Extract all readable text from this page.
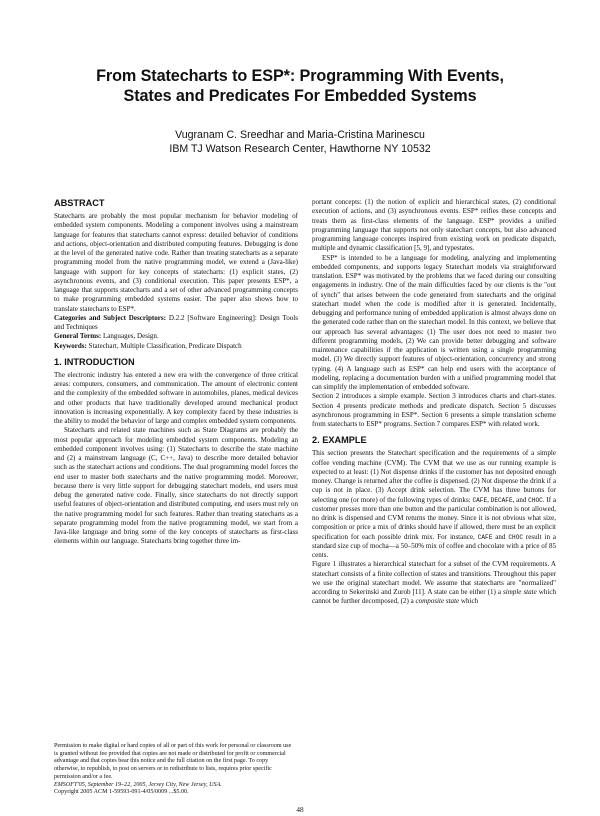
From Statecharts to ESP*: Programming With Events,
States and Predicates For Embedded Systems
Vugranam C. Sreedhar and Maria-Cristina Marinescu
IBM TJ Watson Research Center, Hawthorne NY 10532
ABSTRACT

Statecharts are probably the most popular mechanism for behavior modeling of embedded system components. Modeling a component involves using a mainstream language for features that statecharts cannot express: detailed behavior of conditions and actions, object-orientation and distributed computing features. Debugging is done at the level of the generated native code. Rather than treating statecharts as a separate programming model from the native programming model, we extend a (Java-like) language with support for key concepts of statecharts: (1) explicit states, (2) asynchronous events, and (3) conditional execution. This paper presents ESP*, a language that supports statecharts and a set of other advanced programming concepts to make programming embedded systems easier. The paper also shows how to translate statecharts to ESP*.

Categories and Subject Descriptors: D.2.2 [Software Engineering]: Design Tools and Techniques

General Terms: Languages, Design.

Keywords: Statechart, Multiple Classification, Predicate Dispatch

1. INTRODUCTION

The electronic industry has entered a new era with the convergence of three critical areas: computers, consumers, and communication. The amount of electronic content and the complexity of the embedded software in automobiles, planes, medical devices and other products that have traditionally developed around mechanical product innovation is increasing exponentially. A key complexity faced by these industries is the ability to model the behavior of large and complex embedded system components.

Statecharts and related state machines such as State Diagrams are probably the most popular approach for modeling embedded system components. Modeling an embedded component involves using: (1) Statecharts to describe the state machine and (2) a mainstream language (C, C++, Java) to describe more detailed behavior such as the statechart actions and conditions. The dual programming model forces the end user to master both statecharts and the native programming model. Moreover, because there is very little support for debugging statechart models, end users must debug the generated native code. Finally, since statecharts do not directly support useful features of object-orientation and distributed computing, end users must rely on the native programming model for such features. Rather than treating statecharts as a separate programming model from the native programming model, we start from a Java-like language and bring some of the key concepts of statecharts as first-class elements within our language. Statecharts bring together three im-

Permission to make digital or hard copies of all or part of this work for personal or classroom use is granted without fee provided that copies are not made or distributed for profit or commercial advantage and that copies bear this notice and the full citation on the first page. To copy otherwise, to republish, to post on servers or to redistribute to lists, requires prior specific permission and/or a fee.

EMSOFT'05, September 19–22, 2005, Jersey City, New Jersey, USA.

Copyright 2005 ACM 1-59593-091-4/05/0009 ...$5.00.

portant concepts: (1) the notion of explicit and hierarchical states, (2) conditional execution of actions, and (3) asynchronous events. ESP* reifies these concepts and treats them as first-class elements of the language. ESP* provides a unified programming language that supports not only statechart concepts, but also advanced programming language concepts inspired from existing work on predicate dispatch, multiple and dynamic classification [5, 9], and typestates.

ESP* is intended to be a language for modeling, analyzing and implementing embedded components, and supports legacy Statechart models via straightforward translation. ESP* was motivated by the problems that we faced during our consulting engagements in industry. One of the main difficulties faced by our clients is the "out of synch" that arises between the code generated from statecharts and the original statechart model when the code is modified after it is generated. Incidentally, debugging and performance tuning of embedded application is almost always done on the generated code rather than on the statechart model. In this context, we believe that our approach has several advantages: (1) The user does not need to master two different programming models, (2) We can provide better debugging and software maintenance capabilities if the application is written using a single programming model. (3) We directly support features of object-orientation, concurrency and strong typing. (4) A language such as ESP* can help end users with the acceptance of modeling, replacing a documentation burden with a unified programming model that can simplify the implementation of embedded software.

Section 2 introduces a simple example. Section 3 introduces charts and chart-states. Section 4 presents predicate methods and predicate dispatch. Section 5 discusses asynchronous programming in ESP*. Section 6 presents a simple translation scheme from statecharts to ESP* programs. Section 7 compares ESP* with related work.

2. EXAMPLE

This section presents the Statechart specification and the requirements of a simple coffee vending machine (CVM). The CVM that we use as our running example is expected to at least: (1) Not dispense drinks if the customer has not deposited enough money. Change is returned after the coffee is dispensed. (2) Not dispense the drink if a cup is not in place. (3) Accept drink selection. The CVM has three buttons for selecting one (or more) of the following types of drinks: CAFE, DECAFE, and CHOC. If a customer presses more than one button and the particular combination is not allowed, no drink is dispensed and CVM returns the money. Since it is not obvious what size, composition or price a mix of drinks should have if allowed, there must be an explicit specification for each possible drink mix. For instance, CAFE and CHOC result in a standard size cup of mocha—a 50–50% mix of coffee and chocolate with a price of 85 cents.

Figure 1 illustrates a hierarchical statechart for a subset of the CVM requirements. A statechart consists of a finite collection of states and transitions. Throughout this paper we use the original statechart model. We assume that statecharts are "normalized" according to Sekerinski and Zurob [11]. A state can be either (1) a simple state which cannot be further decomposed, (2) a composite state which

48
